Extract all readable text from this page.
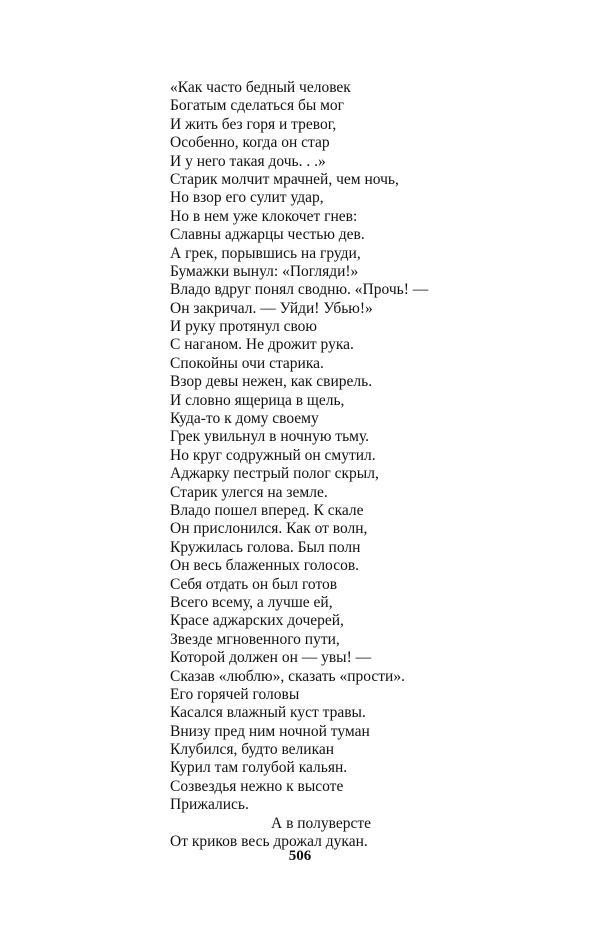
«Как часто бедный человек
Богатым сделаться бы мог
И жить без горя и тревог,
Особенно, когда он стар
И у него такая дочь. . .»
Старик молчит мрачней, чем ночь,
Но взор его сулит удар,
Но в нем уже клокочет гнев:
Славны аджарцы честью дев.
А грек, порывшись на груди,
Бумажки вынул: «Погляди!»
Владо вдруг понял сводню. «Прочь! —
Он закричал. — Уйди! Убью!»
И руку протянул свою
С наганом. Не дрожит рука.
Спокойны очи старика.
Взор девы нежен, как свирель.
И словно ящерица в щель,
Куда-то к дому своему
Грек увильнул в ночную тьму.
Но круг содружный он смутил.
Аджарку пестрый полог скрыл,
Старик улегся на земле.
Владо пошел вперед. К скале
Он прислонился. Как от волн,
Кружилась голова. Был полн
Он весь блаженных голосов.
Себя отдать он был готов
Всего всему, а лучше ей,
Красе аджарских дочерей,
Звезде мгновенного пути,
Которой должен он — увы! —
Сказав «люблю», сказать «прости».
Его горячей головы
Касался влажный куст травы.
Внизу пред ним ночной туман
Клубился, будто великан
Курил там голубой кальян.
Созвездья нежно к высоте
Прижались.
А в полуверсте
От криков весь дрожал дукан.
506
